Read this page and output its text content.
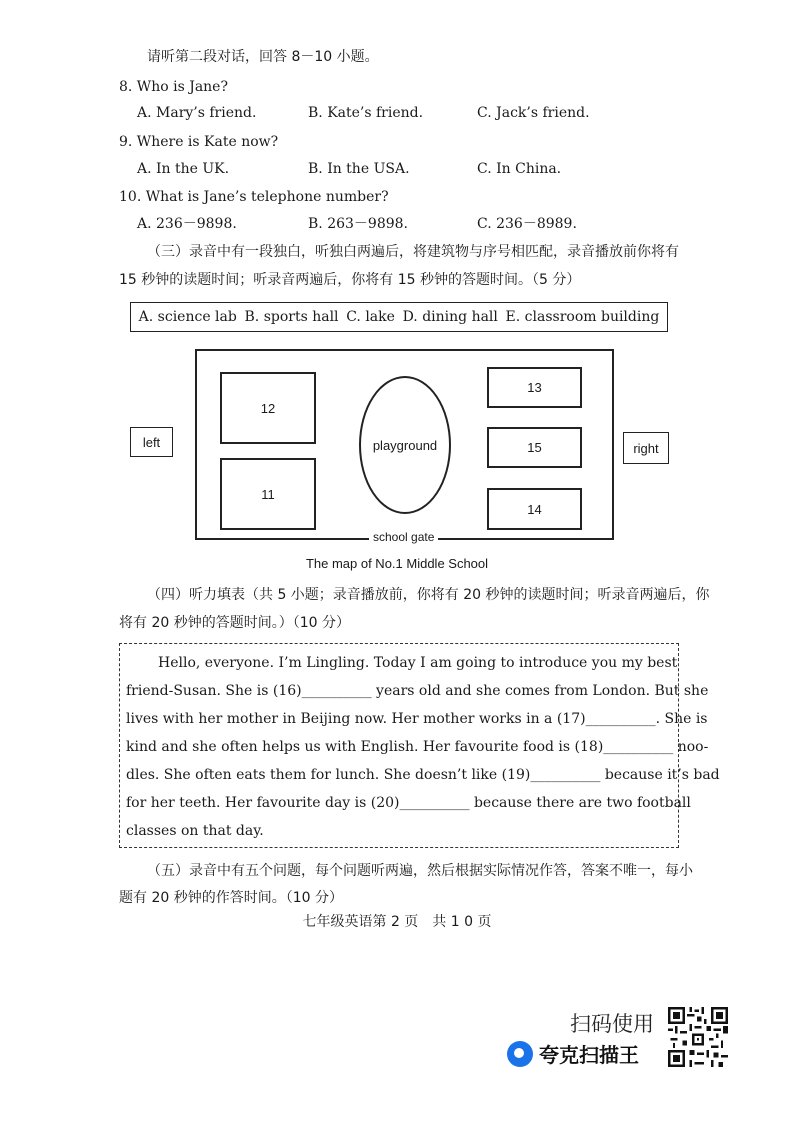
请听第二段对话，回答 8－10 小题。
8. Who is Jane?
A. Mary’s friend.	B. Kate’s friend.	C. Jack’s friend.
9. Where is Kate now?
A. In the UK.	B. In the USA.	C. In China.
10. What is Jane’s telephone number?
A. 236－9898.	B. 263－9898.	C. 236－8989.
（三）录音中有一段独白，听独白两遍后，将建筑物与序号相匹配，录音播放前你将有
15 秒钟的读题时间；听录音两遍后，你将有 15 秒钟的答题时间。（5 分）
A. science lab B. sports hall C. lake D. dining hall E. classroom building
12
11
playground
13
15
14
school gate
left	right
The map of No.1 Middle School
（四）听力填表（共 5 小题；录音播放前，你将有 20 秒钟的读题时间；听录音两遍后，你
将有 20 秒钟的答题时间。）（10 分）
Hello, everyone. I’m Lingling. Today I am going to introduce you my best
friend-Susan. She is (16)__________ years old and she comes from London. But she
lives with her mother in Beijing now. Her mother works in a (17)__________. She is
kind and she often helps us with English. Her favourite food is (18)__________ noo-
dles. She often eats them for lunch. She doesn’t like (19)__________ because it’s bad
for her teeth. Her favourite day is (20)__________ because there are two football
classes on that day.
（五）录音中有五个问题，每个问题听两遍，然后根据实际情况作答，答案不唯一，每小
题有 20 秒钟的作答时间。（10 分）
七年级英语第 2 页　共 1 0 页
扫码使用
夸克扫描王
